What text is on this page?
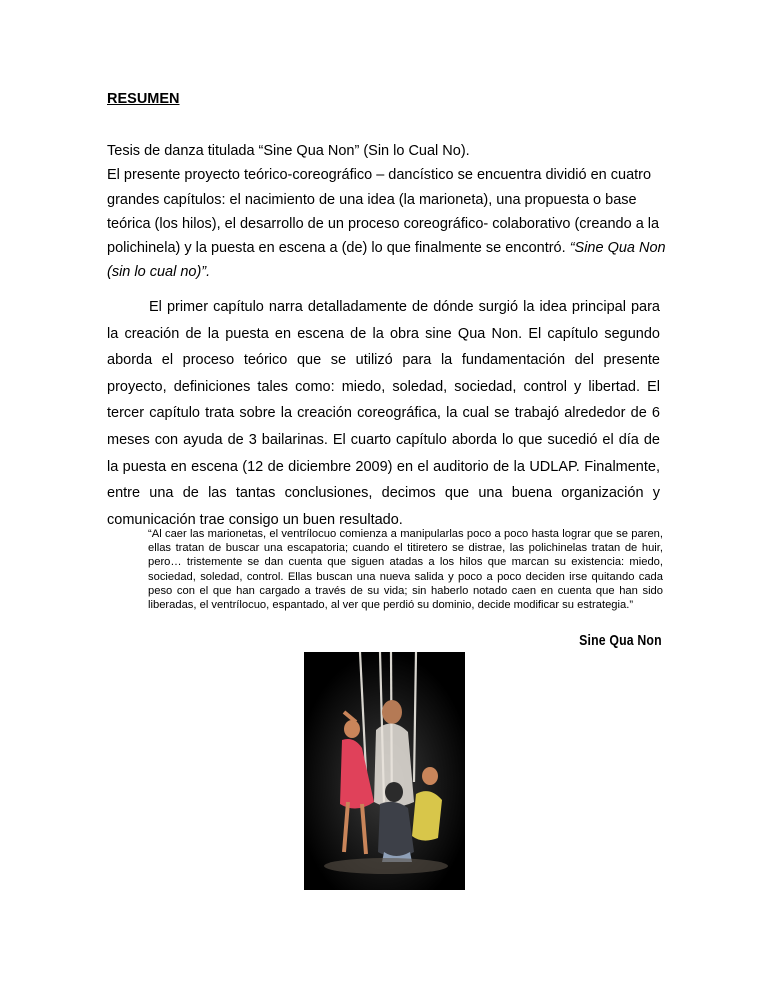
RESUMEN

Tesis de danza titulada “Sine Qua Non” (Sin lo Cual No).

El presente proyecto teórico-coreográfico – dancístico se encuentra dividió en cuatro grandes capítulos: el nacimiento de una idea (la marioneta), una propuesta o base teórica (los hilos), el desarrollo de un proceso coreográfico- colaborativo (creando a la polichinela) y la puesta en escena a (de) lo que finalmente se encontró. “Sine Qua Non (sin lo cual no)”.

El primer capítulo narra detalladamente de dónde surgió la idea principal para la creación de la puesta en escena de la obra sine Qua Non. El capítulo segundo aborda el proceso teórico que se utilizó para la fundamentación del presente proyecto, definiciones tales como: miedo, soledad, sociedad, control y libertad. El tercer capítulo trata sobre la creación coreográfica, la cual se trabajó alrededor de 6 meses con ayuda de 3 bailarinas. El cuarto capítulo aborda lo que sucedió el día de la puesta en escena (12 de diciembre 2009) en el auditorio de la UDLAP. Finalmente, entre una de las tantas conclusiones, decimos que una buena organización y comunicación trae consigo un buen resultado.

“Al caer las marionetas, el ventrílocuo comienza a manipularlas poco a poco hasta lograr que se paren, ellas tratan de buscar una escapatoria; cuando el titiretero se distrae, las polichinelas tratan de huir, pero… tristemente se dan cuenta que siguen atadas a los hilos que marcan su existencia: miedo, sociedad, soledad, control. Ellas buscan una nueva salida y poco a poco deciden irse quitando cada peso con el que han cargado a través de su vida; sin haberlo notado caen en cuenta que han sido liberadas, el ventrílocuo, espantado, al ver que perdió su dominio, decide modificar su estrategia.”
Sine Qua Non
